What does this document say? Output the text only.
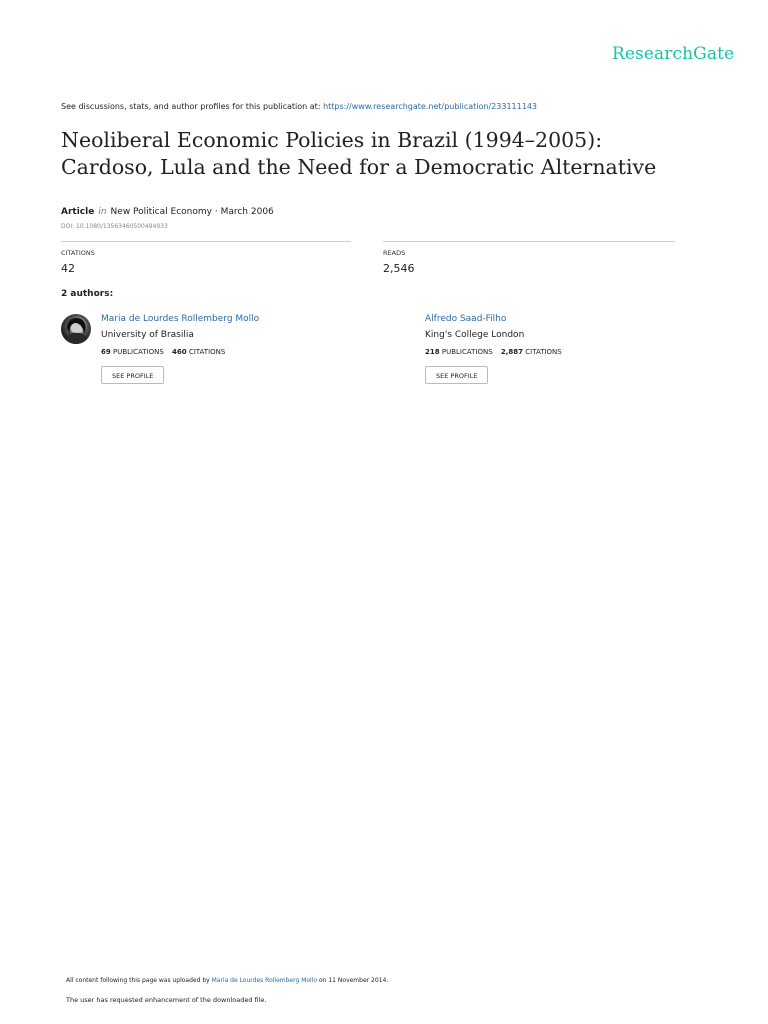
ResearchGate
See discussions, stats, and author profiles for this publication at: https://www.researchgate.net/publication/233111143
Neoliberal Economic Policies in Brazil (1994–2005): Cardoso, Lula and the Need for a Democratic Alternative
Article in New Political Economy · March 2006
DOI: 10.1080/13563460500494933
CITATIONS
42
READS
2,546
2 authors:
Maria de Lourdes Rollemberg Mollo
University of Brasilia
69 PUBLICATIONS 460 CITATIONS
SEE PROFILE
Alfredo Saad-Filho
King's College London
218 PUBLICATIONS 2,887 CITATIONS
SEE PROFILE
All content following this page was uploaded by Maria de Lourdes Rollemberg Mollo on 11 November 2014.
The user has requested enhancement of the downloaded file.
